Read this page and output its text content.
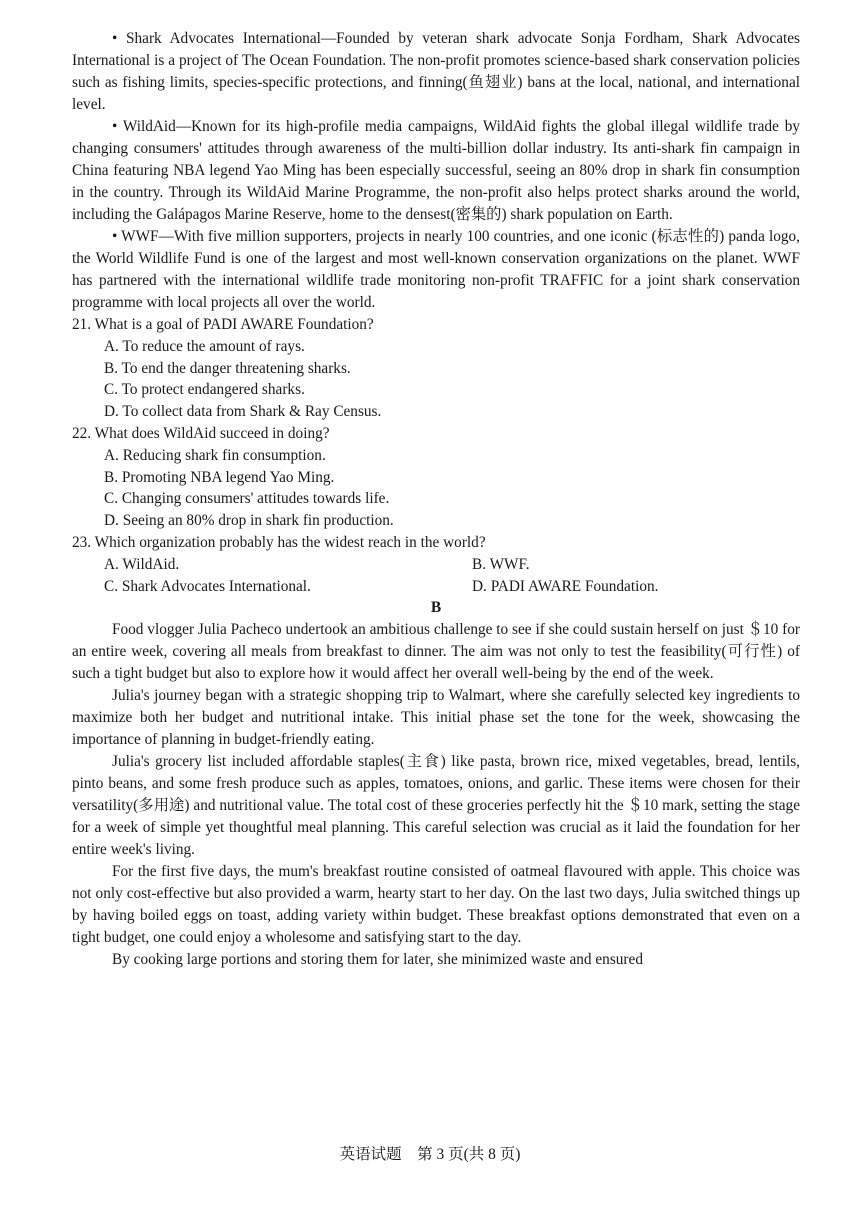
• Shark Advocates International—Founded by veteran shark advocate Sonja Fordham, Shark Advocates International is a project of The Ocean Foundation. The non-profit promotes science-based shark conservation policies such as fishing limits, species-specific protections, and finning(鱼翅业) bans at the local, national, and international level.

• WildAid—Known for its high-profile media campaigns, WildAid fights the global illegal wildlife trade by changing consumers' attitudes through awareness of the multi-billion dollar industry. Its anti-shark fin campaign in China featuring NBA legend Yao Ming has been especially successful, seeing an 80% drop in shark fin consumption in the country. Through its WildAid Marine Programme, the non-profit also helps protect sharks around the world, including the Galápagos Marine Reserve, home to the densest(密集的) shark population on Earth.

• WWF—With five million supporters, projects in nearly 100 countries, and one iconic (标志性的) panda logo, the World Wildlife Fund is one of the largest and most well-known conservation organizations on the planet. WWF has partnered with the international wildlife trade monitoring non-profit TRAFFIC for a joint shark conservation programme with local projects all over the world.

21. What is a goal of PADI AWARE Foundation?

A. To reduce the amount of rays.

B. To end the danger threatening sharks.

C. To protect endangered sharks.

D. To collect data from Shark & Ray Census.

22. What does WildAid succeed in doing?

A. Reducing shark fin consumption.

B. Promoting NBA legend Yao Ming.

C. Changing consumers' attitudes towards life.

D. Seeing an 80% drop in shark fin production.

23. Which organization probably has the widest reach in the world?

A. WildAid.	B. WWF.

C. Shark Advocates International.	D. PADI AWARE Foundation.

B

Food vlogger Julia Pacheco undertook an ambitious challenge to see if she could sustain herself on just ＄10 for an entire week, covering all meals from breakfast to dinner. The aim was not only to test the feasibility(可行性) of such a tight budget but also to explore how it would affect her overall well-being by the end of the week.

Julia's journey began with a strategic shopping trip to Walmart, where she carefully selected key ingredients to maximize both her budget and nutritional intake. This initial phase set the tone for the week, showcasing the importance of planning in budget-friendly eating.

Julia's grocery list included affordable staples(主食) like pasta, brown rice, mixed vegetables, bread, lentils, pinto beans, and some fresh produce such as apples, tomatoes, onions, and garlic. These items were chosen for their versatility(多用途) and nutritional value. The total cost of these groceries perfectly hit the ＄10 mark, setting the stage for a week of simple yet thoughtful meal planning. This careful selection was crucial as it laid the foundation for her entire week's living.

For the first five days, the mum's breakfast routine consisted of oatmeal flavoured with apple. This choice was not only cost-effective but also provided a warm, hearty start to her day. On the last two days, Julia switched things up by having boiled eggs on toast, adding variety within budget. These breakfast options demonstrated that even on a tight budget, one could enjoy a wholesome and satisfying start to the day.

By cooking large portions and storing them for later, she minimized waste and ensured

英语试题　第 3 页(共 8 页)
